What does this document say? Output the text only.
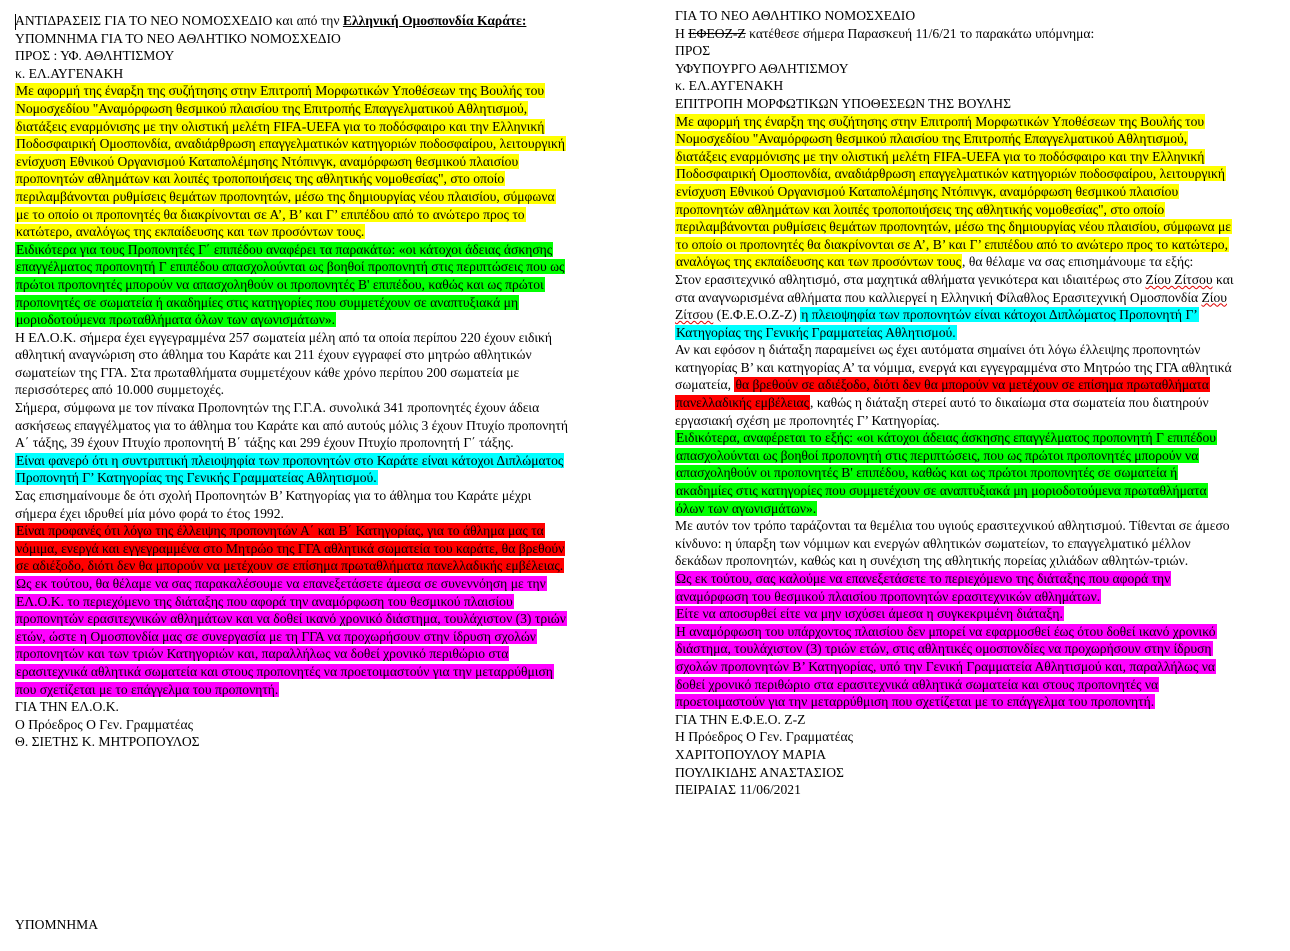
ΑΝΤΙΔΡΑΣΕΙΣ ΓΙΑ ΤΟ ΝΕΟ ΝΟΜΟΣΧΕΔΙΟ και από την Ελληνική Ομοσπονδία Καράτε:
ΥΠΟΜΝΗΜΑ ΓΙΑ ΤΟ ΝΕΟ ΑΘΛΗΤΙΚΟ ΝΟΜΟΣΧΕΔΙΟ
ΠΡΟΣ : ΥΦ. ΑΘΛΗΤΙΣΜΟΥ
κ. ΕΛ.ΑΥΓΕΝΑΚΗ

Με αφορμή της έναρξη της συζήτησης στην Επιτροπή Μορφωτικών Υποθέσεων της Βουλής του Νομοσχεδίου "Αναμόρφωση θεσμικού πλαισίου της Επιτροπής Επαγγελματικού Αθλητισμού, διατάξεις εναρμόνισης με την ολιστική μελέτη FIFA-UEFA για το ποδόσφαιρο και την Ελληνική Ποδοσφαιρική Ομοσπονδία, αναδιάρθρωση επαγγελματικών κατηγοριών ποδοσφαίρου, λειτουργική ενίσχυση Εθνικού Οργανισμού Καταπολέμησης Ντόπινγκ, αναμόρφωση θεσμικού πλαισίου προπονητών αθλημάτων και λοιπές τροποποιήσεις της αθλητικής νομοθεσίας", στο οποίο περιλαμβάνονται ρυθμίσεις θεμάτων προπονητών, μέσω της δημιουργίας νέου πλαισίου, σύμφωνα με το οποίο οι προπονητές θα διακρίνονται σε Α’, Β’ και Γ’ επιπέδου από το ανώτερο προς το κατώτερο, αναλόγως της εκπαίδευσης και των προσόντων τους.

Ειδικότερα για τους Προπονητές Γ΄ επιπέδου αναφέρει τα παρακάτω: «οι κάτοχοι άδειας άσκησης επαγγέλματος προπονητή Γ επιπέδου απασχολούνται ως βοηθοί προπονητή στις περιπτώσεις που ως πρώτοι προπονητές μπορούν να απασχοληθούν οι προπονητές Β' επιπέδου, καθώς και ως πρώτοι προπονητές σε σωματεία ή ακαδημίες στις κατηγορίες που συμμετέχουν σε αναπτυξιακά μη μοριοδοτούμενα πρωταθλήματα όλων των αγωνισμάτων».

Η ΕΛ.Ο.Κ. σήμερα έχει εγγεγραμμένα 257 σωματεία μέλη από τα οποία περίπου 220 έχουν ειδική αθλητική αναγνώριση στο άθλημα του Καράτε και 211 έχουν εγγραφεί στο μητρώο αθλητικών σωματείων της ΓΓΑ. Στα πρωταθλήματα συμμετέχουν κάθε χρόνο περίπου 200 σωματεία με περισσότερες από 10.000 συμμετοχές.

Σήμερα, σύμφωνα με τον πίνακα Προπονητών της Γ.Γ.Α. συνολικά 341 προπονητές έχουν άδεια ασκήσεως επαγγέλματος για το άθλημα του Καράτε και από αυτούς μόλις 3 έχουν Πτυχίο προπονητή Α΄ τάξης, 39 έχουν Πτυχίο προπονητή Β΄ τάξης και 299 έχουν Πτυχίο προπονητή Γ΄ τάξης.

Είναι φανερό ότι η συντριπτική πλειοψηφία των προπονητών στο Καράτε είναι κάτοχοι Διπλώματος Προπονητή Γ’ Κατηγορίας της Γενικής Γραμματείας Αθλητισμού.

Σας επισημαίνουμε δε ότι σχολή Προπονητών Β’ Κατηγορίας για το άθλημα του Καράτε μέχρι σήμερα έχει ιδρυθεί μία μόνο φορά το έτος 1992.

Είναι προφανές ότι λόγω της έλλειψης προπονητών Α΄ και Β΄ Κατηγορίας, για το άθλημα μας τα νόμιμα, ενεργά και εγγεγραμμένα στο Μητρώο της ΓΓΑ αθλητικά σωματεία του καράτε, θα βρεθούν σε αδιέξοδο, διότι δεν θα μπορούν να μετέχουν σε επίσημα πρωταθλήματα πανελλαδικής εμβέλειας.

Ως εκ τούτου, θα θέλαμε να σας παρακαλέσουμε να επανεξετάσετε άμεσα σε συνεννόηση με την ΕΛ.Ο.Κ. το περιεχόμενο της διάταξης που αφορά την αναμόρφωση του θεσμικού πλαισίου προπονητών ερασιτεχνικών αθλημάτων και να δοθεί ικανό χρονικό διάστημα, τουλάχιστον (3) τριών ετών, ώστε η Ομοσπονδία μας σε συνεργασία με τη ΓΓΑ να προχωρήσουν στην ίδρυση σχολών προπονητών και των τριών Κατηγοριών και, παραλλήλως να δοθεί χρονικό περιθώριο στα ερασιτεχνικά αθλητικά σωματεία και στους προπονητές να προετοιμαστούν για την μεταρρύθμιση που σχετίζεται με το επάγγελμα του προπονητή.

ΓΙΑ ΤΗΝ ΕΛ.Ο.Κ.
Ο Πρόεδρος Ο Γεν. Γραμματέας
Θ. ΣΙΕΤΗΣ Κ. ΜΗΤΡΟΠΟΥΛΟΣ
ΥΠΟΜΝΗΜΑ
ΓΙΑ ΤΟ ΝΕΟ ΑΘΛΗΤΙΚΟ ΝΟΜΟΣΧΕΔΙΟ
Η ΕΦΕΟΖ-Ζ κατέθεσε σήμερα Παρασκευή 11/6/21 το παρακάτω υπόμνημα:
ΠΡΟΣ
ΥΦΥΠΟΥΡΓΟ ΑΘΛΗΤΙΣΜΟΥ
κ. ΕΛ.ΑΥΓΕΝΑΚΗ
ΕΠΙΤΡΟΠΗ ΜΟΡΦΩΤΙΚΩΝ ΥΠΟΘΕΣΕΩΝ ΤΗΣ ΒΟΥΛΗΣ

Με αφορμή της έναρξη της συζήτησης στην Επιτροπή Μορφωτικών Υποθέσεων της Βουλής του Νομοσχεδίου "Αναμόρφωση θεσμικού πλαισίου της Επιτροπής Επαγγελματικού Αθλητισμού, διατάξεις εναρμόνισης με την ολιστική μελέτη FIFA-UEFA για το ποδόσφαιρο και την Ελληνική Ποδοσφαιρική Ομοσπονδία, αναδιάρθρωση επαγγελματικών κατηγοριών ποδοσφαίρου, λειτουργική ενίσχυση Εθνικού Οργανισμού Καταπολέμησης Ντόπινγκ, αναμόρφωση θεσμικού πλαισίου προπονητών αθλημάτων και λοιπές τροποποιήσεις της αθλητικής νομοθεσίας", στο οποίο περιλαμβάνονται ρυθμίσεις θεμάτων προπονητών, μέσω της δημιουργίας νέου πλαισίου, σύμφωνα με το οποίο οι προπονητές θα διακρίνονται σε Α’, Β’ και Γ’ επιπέδου από το ανώτερο προς το κατώτερο, αναλόγως της εκπαίδευσης και των προσόντων τους, θα θέλαμε να σας επισημάνουμε τα εξής:

Στον ερασιτεχνικό αθλητισμό, στα μαχητικά αθλήματα γενικότερα και ιδιαιτέρως στο Ζίου Ζίτσου και στα αναγνωρισμένα αθλήματα που καλλιεργεί η Ελληνική Φίλαθλος Ερασιτεχνική Ομοσπονδία Ζίου Ζίτσου (Ε.Φ.Ε.Ο.Ζ-Ζ) η πλειοψηφία των προπονητών είναι κάτοχοι Διπλώματος Προπονητή Γ’ Κατηγορίας της Γενικής Γραμματείας Αθλητισμού.

Αν και εφόσον η διάταξη παραμείνει ως έχει αυτόματα σημαίνει ότι λόγω έλλειψης προπονητών κατηγορίας Β’ και κατηγορίας Α’ τα νόμιμα, ενεργά και εγγεγραμμένα στο Μητρώο της ΓΓΑ αθλητικά σωματεία, θα βρεθούν σε αδιέξοδο, διότι δεν θα μπορούν να μετέχουν σε επίσημα πρωταθλήματα πανελλαδικής εμβέλειας, καθώς η διάταξη στερεί αυτό το δικαίωμα στα σωματεία που διατηρούν εργασιακή σχέση με προπονητές Γ’ Κατηγορίας.

Ειδικότερα, αναφέρεται το εξής: «οι κάτοχοι άδειας άσκησης επαγγέλματος προπονητή Γ επιπέδου απασχολούνται ως βοηθοί προπονητή στις περιπτώσεις, που ως πρώτοι προπονητές μπορούν να απασχοληθούν οι προπονητές Β' επιπέδου, καθώς και ως πρώτοι προπονητές σε σωματεία ή ακαδημίες στις κατηγορίες που συμμετέχουν σε αναπτυξιακά μη μοριοδοτούμενα πρωταθλήματα όλων των αγωνισμάτων».

Με αυτόν τον τρόπο ταράζονται τα θεμέλια του υγιούς ερασιτεχνικού αθλητισμού. Τίθενται σε άμεσο κίνδυνο: η ύπαρξη των νόμιμων και ενεργών αθλητικών σωματείων, το επαγγελματικό μέλλον δεκάδων προπονητών, καθώς και η συνέχιση της αθλητικής πορείας χιλιάδων αθλητών-τριών.

Ως εκ τούτου, σας καλούμε να επανεξετάσετε το περιεχόμενο της διάταξης που αφορά την αναμόρφωση του θεσμικού πλαισίου προπονητών ερασιτεχνικών αθλημάτων.

Είτε να αποσυρθεί είτε να μην ισχύσει άμεσα η συγκεκριμένη διάταξη.

Η αναμόρφωση του υπάρχοντος πλαισίου δεν μπορεί να εφαρμοσθεί έως ότου δοθεί ικανό χρονικό διάστημα, τουλάχιστον (3) τριών ετών, στις αθλητικές ομοσπονδίες να προχωρήσουν στην ίδρυση σχολών προπονητών Β’ Κατηγορίας, υπό την Γενική Γραμματεία Αθλητισμού και, παραλλήλως να δοθεί χρονικό περιθώριο στα ερασιτεχνικά αθλητικά σωματεία και στους προπονητές να προετοιμαστούν για την μεταρρύθμιση που σχετίζεται με το επάγγελμα του προπονητή.

ΓΙΑ ΤΗΝ Ε.Φ.Ε.Ο. Ζ-Ζ
Η Πρόεδρος Ο Γεν. Γραμματέας
ΧΑΡΙΤΟΠΟΥΛΟΥ ΜΑΡΙΑ
ΠΟΥΛΙΚΙΔΗΣ ΑΝΑΣΤΑΣΙΟΣ
ΠΕΙΡΑΙΑΣ 11/06/2021
